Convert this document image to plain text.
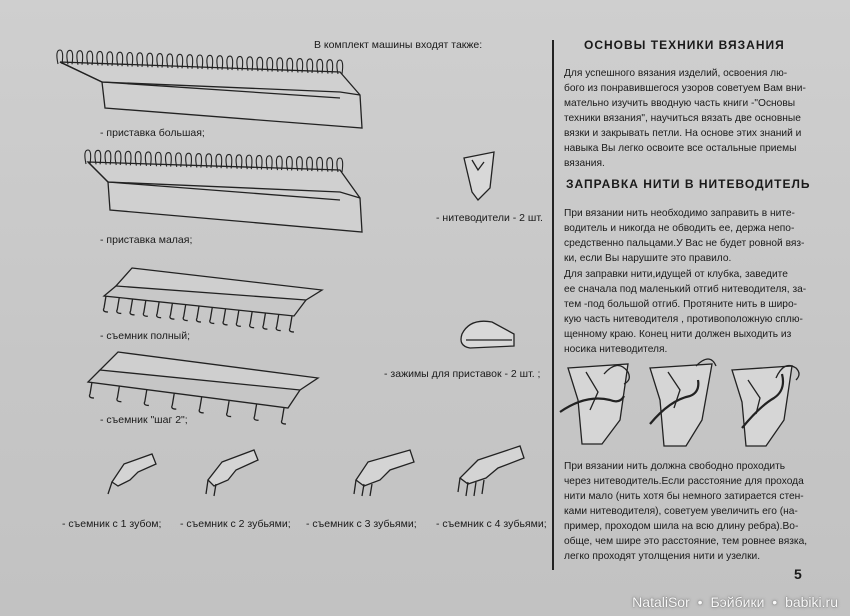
В комплект машины входят также:
- приставка большая;
- приставка малая;
- съемник полный;
- съемник "шаг 2";
- нитеводители - 2 шт.
- зажимы для приставок - 2 шт. ;
- съемник с 1 зубом; - съемник с 2 зубьями; - съемник с 3 зубьями; - съемник с 4 зубьями;
ОСНОВЫ ТЕХНИКИ ВЯЗАНИЯ
Для успешного вязания изделий, освоения лю-
бого из понравившегося узоров советуем Вам вни-
мательно изучить вводную часть книги -"Основы
техники вязания", научиться вязать две основные
вязки и закрывать петли. На основе этих знаний и
навыка Вы легко освоите все остальные приемы
вязания.
ЗАПРАВКА НИТИ В НИТЕВОДИТЕЛЬ
При вязании нить необходимо заправить в ните-
водитель и никогда не обводить ее, держа непо-
средственно пальцами.У Вас не будет ровной вяз-
ки, если Вы нарушите это правило.
Для заправки нити,идущей от клубка, заведите
ее сначала под маленький отгиб нитеводителя, за-
тем -под большой отгиб. Протяните нить в широ-
кую часть нитеводителя , противоположную сплю-
щенному краю. Конец нити должен выходить из
носика нитеводителя.
При вязании нить должна свободно проходить
через нитеводитель.Если расстояние для прохода
нити мало (нить хотя бы немного затирается стен-
ками нитеводителя), советуем увеличить его (на-
пример, проходом шила на всю длину ребра).Во-
обще, чем шире это расстояние, тем ровнее вязка,
легко проходят утолщения нити и узелки.
5
NataliSor • Бэйбики • babiki.ru
